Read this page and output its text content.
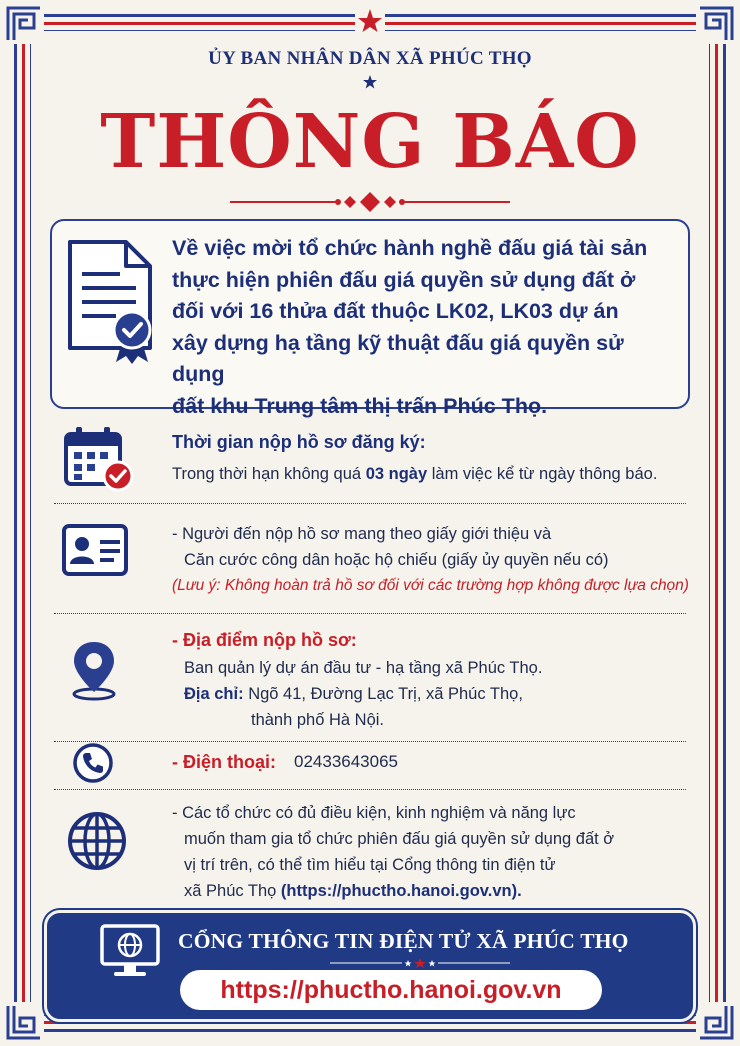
ỦY BAN NHÂN DÂN XÃ PHÚC THỌ
THÔNG BÁO
Về việc mời tổ chức hành nghề đấu giá tài sản
thực hiện phiên đấu giá quyền sử dụng đất ở
đối với 16 thửa đất thuộc LK02, LK03 dự án
xây dựng hạ tầng kỹ thuật đấu giá quyền sử dụng
đất khu Trung tâm thị trấn Phúc Thọ.
Thời gian nộp hồ sơ đăng ký:
Trong thời hạn không quá 03 ngày làm việc kể từ ngày thông báo.
- Người đến nộp hồ sơ mang theo giấy giới thiệu và
Căn cước công dân hoặc hộ chiếu (giấy ủy quyền nếu có)
(Lưu ý: Không hoàn trả hồ sơ đối với các trường hợp không được lựa chọn)
- Địa điểm nộp hồ sơ:
Ban quản lý dự án đầu tư - hạ tầng xã Phúc Thọ.
Địa chỉ: Ngõ 41, Đường Lạc Trị, xã Phúc Thọ,
thành phố Hà Nội.
- Điện thoại: 02433643065
- Các tổ chức có đủ điều kiện, kinh nghiệm và năng lực
muốn tham gia tổ chức phiên đấu giá quyền sử dụng đất ở
vị trí trên, có thể tìm hiểu tại Cổng thông tin điện tử
xã Phúc Thọ (https://phuctho.hanoi.gov.vn).
CỔNG THÔNG TIN ĐIỆN TỬ XÃ PHÚC THỌ
https://phuctho.hanoi.gov.vn
